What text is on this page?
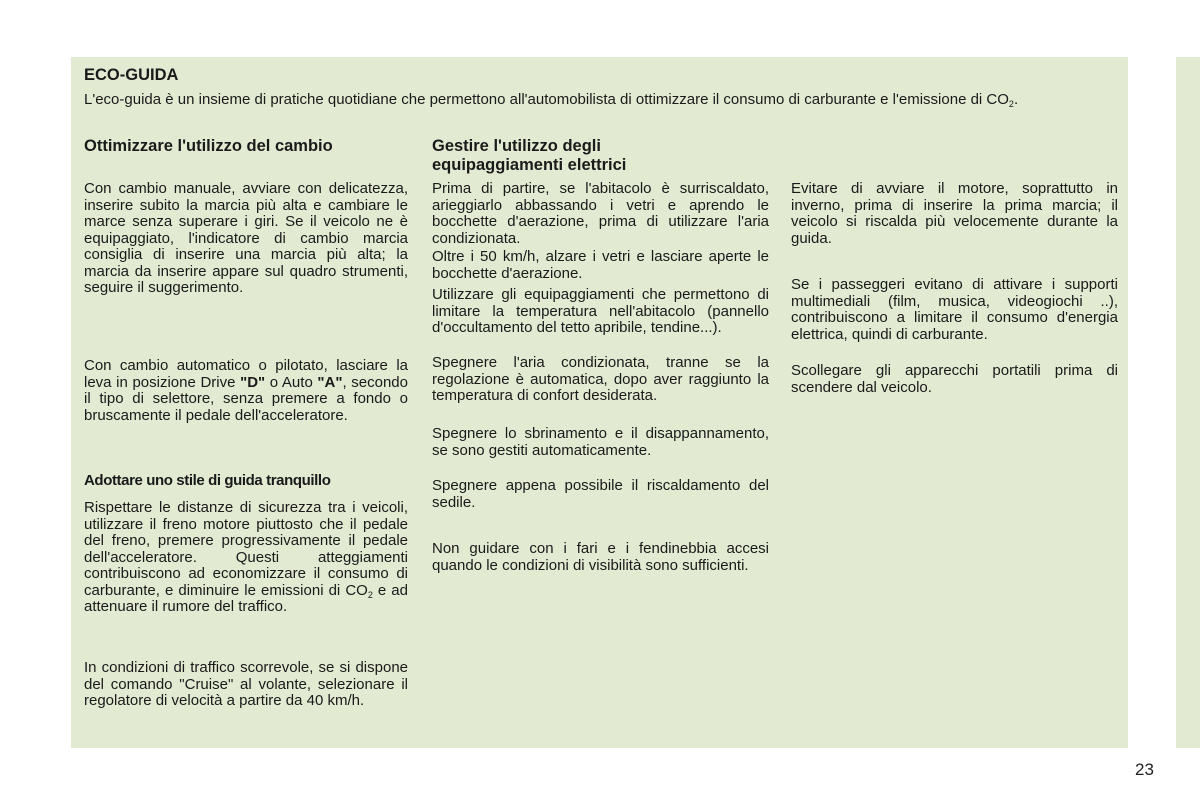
ECO-GUIDA
L'eco-guida è un insieme di pratiche quotidiane che permettono all'automobilista di ottimizzare il consumo di carburante e l'emissione di $CO_2$.
Ottimizzare l'utilizzo del cambio
Con cambio manuale, avviare con delicatezza, inserire subito la marcia più alta e cambiare le marce senza superare i giri. Se il veicolo ne è equipaggiato, l'indicatore di cambio marcia consiglia di inserire una marcia più alta; la marcia da inserire appare sul quadro strumenti, seguire il suggerimento.
Con cambio automatico o pilotato, lasciare la leva in posizione Drive "D" o Auto "A", secondo il tipo di selettore, senza premere a fondo o bruscamente il pedale dell'acceleratore.
Adottare uno stile di guida tranquillo
Rispettare le distanze di sicurezza tra i veicoli, utilizzare il freno motore piuttosto che il pedale del freno, premere progressivamente il pedale dell'acceleratore. Questi atteggiamenti contribuiscono ad economizzare il consumo di carburante, e diminuire le emissioni di $CO_2$ e ad attenuare il rumore del traffico.
In condizioni di traffico scorrevole, se si dispone del comando "Cruise" al volante, selezionare il regolatore di velocità a partire da 40 km/h.
Gestire l'utilizzo degli equipaggiamenti elettrici
Prima di partire, se l'abitacolo è surriscaldato, arieggiarlo abbassando i vetri e aprendo le bocchette d'aerazione, prima di utilizzare l'aria condizionata.
Oltre i 50 km/h, alzare i vetri e lasciare aperte le bocchette d'aerazione.
Utilizzare gli equipaggiamenti che permettono di limitare la temperatura nell'abitacolo (pannello d'occultamento del tetto apribile, tendine...).
Spegnere l'aria condizionata, tranne se la regolazione è automatica, dopo aver raggiunto la temperatura di confort desiderata.
Spegnere lo sbrinamento e il disappannamento, se sono gestiti automaticamente.
Spegnere appena possibile il riscaldamento del sedile.
Non guidare con i fari e i fendinebbia accesi quando le condizioni di visibilità sono sufficienti.
Evitare di avviare il motore, soprattutto in inverno, prima di inserire la prima marcia; il veicolo si riscalda più velocemente durante la guida.
Se i passeggeri evitano di attivare i supporti multimediali (film, musica, videogiochi ..), contribuiscono a limitare il consumo d'energia elettrica, quindi di carburante.
Scollegare gli apparecchi portatili prima di scendere dal veicolo.
23
